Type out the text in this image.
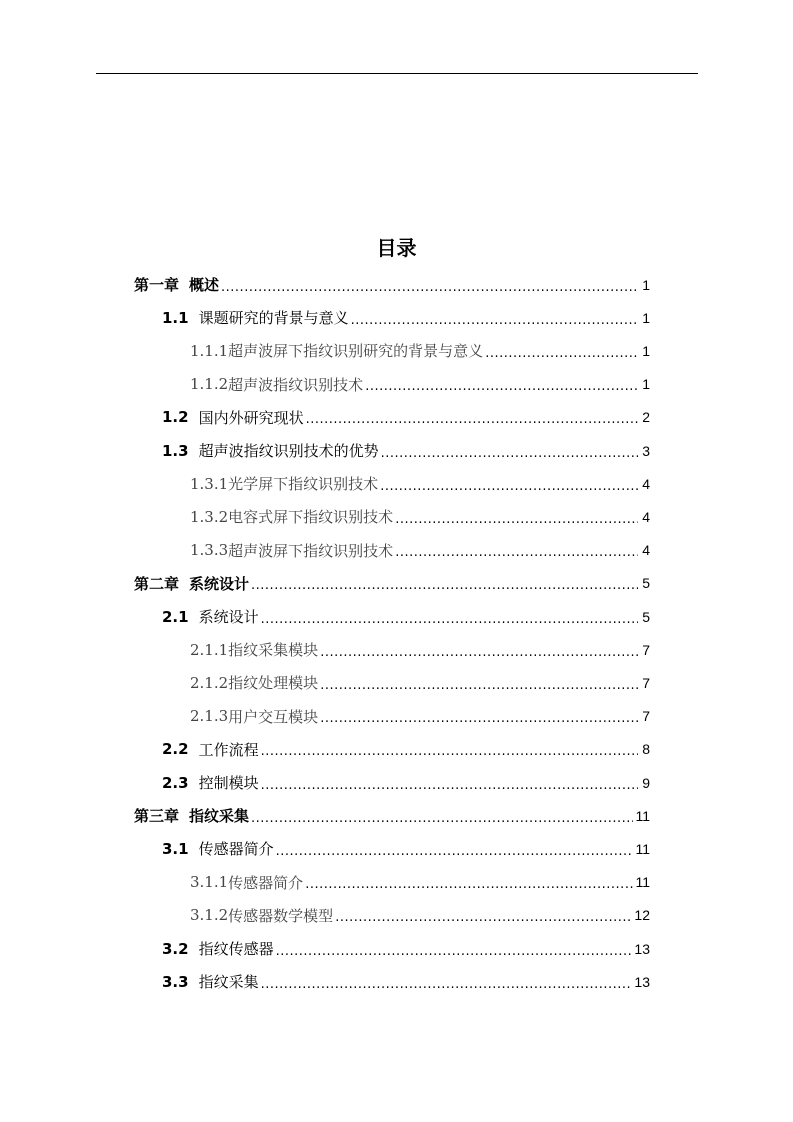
目录
第一章 概述 .....	1
1.1 课题研究的背景与意义 .....	1
1.1.1 超声波屏下指纹识别研究的背景与意义 .....	1
1.1.2 超声波指纹识别技术 .....	1
1.2 国内外研究现状 .....	2
1.3 超声波指纹识别技术的优势 .....	3
1.3.1 光学屏下指纹识别技术 .....	4
1.3.2 电容式屏下指纹识别技术 .....	4
1.3.3 超声波屏下指纹识别技术 .....	4
第二章 系统设计 .....	5
2.1 系统设计 .....	5
2.1.1 指纹采集模块 .....	7
2.1.2 指纹处理模块 .....	7
2.1.3 用户交互模块 .....	7
2.2 工作流程 .....	8
2.3 控制模块 .....	9
第三章 指纹采集 .....	11
3.1 传感器简介 .....	11
3.1.1 传感器简介 .....	11
3.1.2 传感器数学模型 .....	12
3.2 指纹传感器 .....	13
3.3 指纹采集 .....	13
